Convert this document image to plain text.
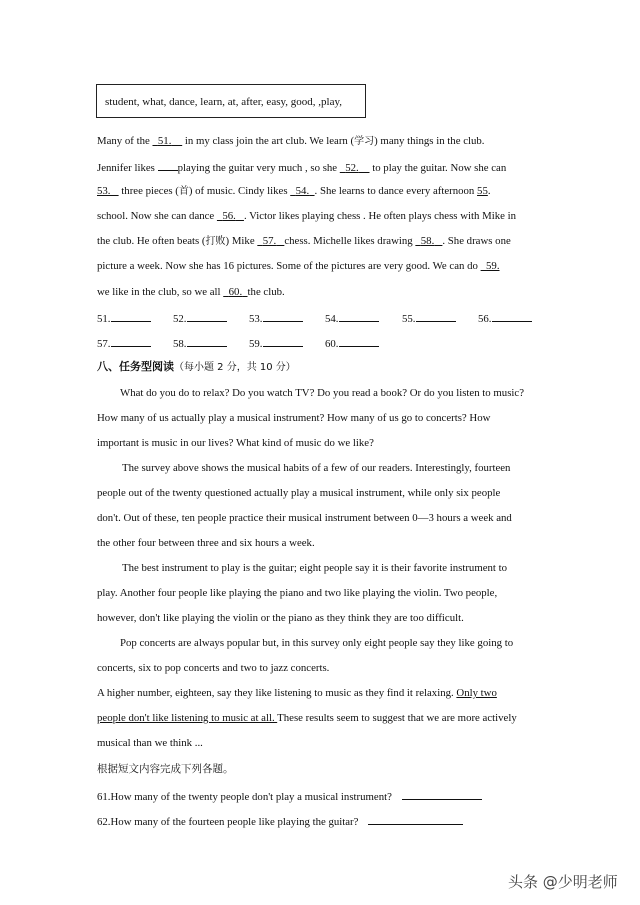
student, what, dance, learn, at, after, easy, good, ,play,
Many of the   51.     in my class join the art club. We learn (学习) many things in the club.
Jennifer likes playing the guitar very much , so she   52.     to play the guitar. Now she can
53.    three pieces (首) of music. Cindy likes   54. . She learns to dance every afternoon 55.
school. Now she can dance   56. . Victor likes playing chess . He often plays chess with Mike in
the club. He often beats (打败) Mike   57. chess. Michelle likes drawing   58. . She draws one
picture a week. Now she has 16 pictures. Some of the pictures are very good. We can do   59.
we like in the club, so we all   60. the club.
51.	52.	53.	54.	55.	56.
57.	58.	59.	60.
八、任务型阅读（每小题 2 分，共 10 分）
What do you do to relax? Do you watch TV? Do you read a book? Or do you listen to music?
How many of us actually play a musical instrument? How many of us go to concerts? How
important is music in our lives? What kind of music do we like?
The survey above shows the musical habits of a few of our readers. Interestingly, fourteen
people out of the twenty questioned actually play a musical instrument, while only six people
don't. Out of these, ten people practice their musical instrument between 0—3 hours a week and
the other four between three and six hours a week.
The best instrument to play is the guitar; eight people say it is their favorite instrument to
play. Another four people like playing the piano and two like playing the violin. Two people,
however, don't like playing the violin or the piano as they think they are too difficult.
Pop concerts are always popular but, in this survey only eight people say they like going to
concerts, six to pop concerts and two to jazz concerts.
A higher number, eighteen, say they like listening to music as they find it relaxing. Only two
people don't like listening to music at all. These results seem to suggest that we are more actively
musical than we think ...
根据短文内容完成下列各题。
61.How many of the twenty people don't play a musical instrument?
62.How many of the fourteen people like playing the guitar?
头条 @少明老师
